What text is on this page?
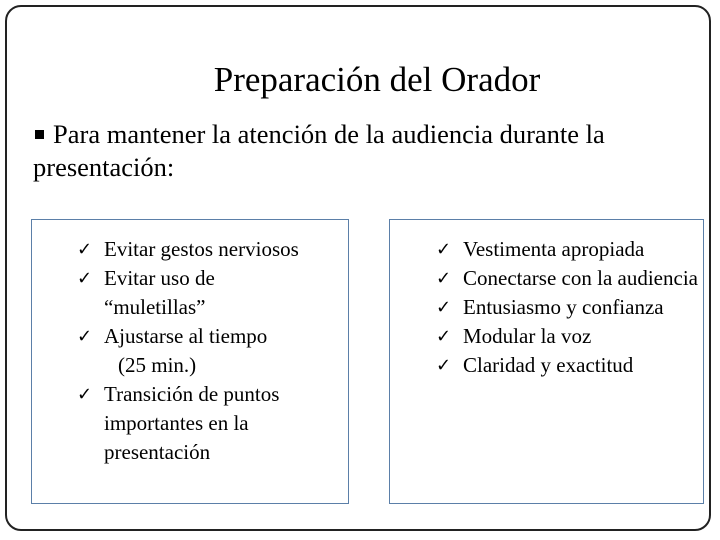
Preparación del Orador
Para mantener la atención de la audiencia durante la presentación:
✓ Evitar gestos nerviosos
✓ Evitar uso de
“muletillas”
✓ Ajustarse al tiempo
(25 min.)
✓ Transición de puntos importantes en la presentación
✓ Vestimenta apropiada
✓ Conectarse con la audiencia
✓ Entusiasmo y confianza
✓ Modular la voz
✓ Claridad y exactitud
